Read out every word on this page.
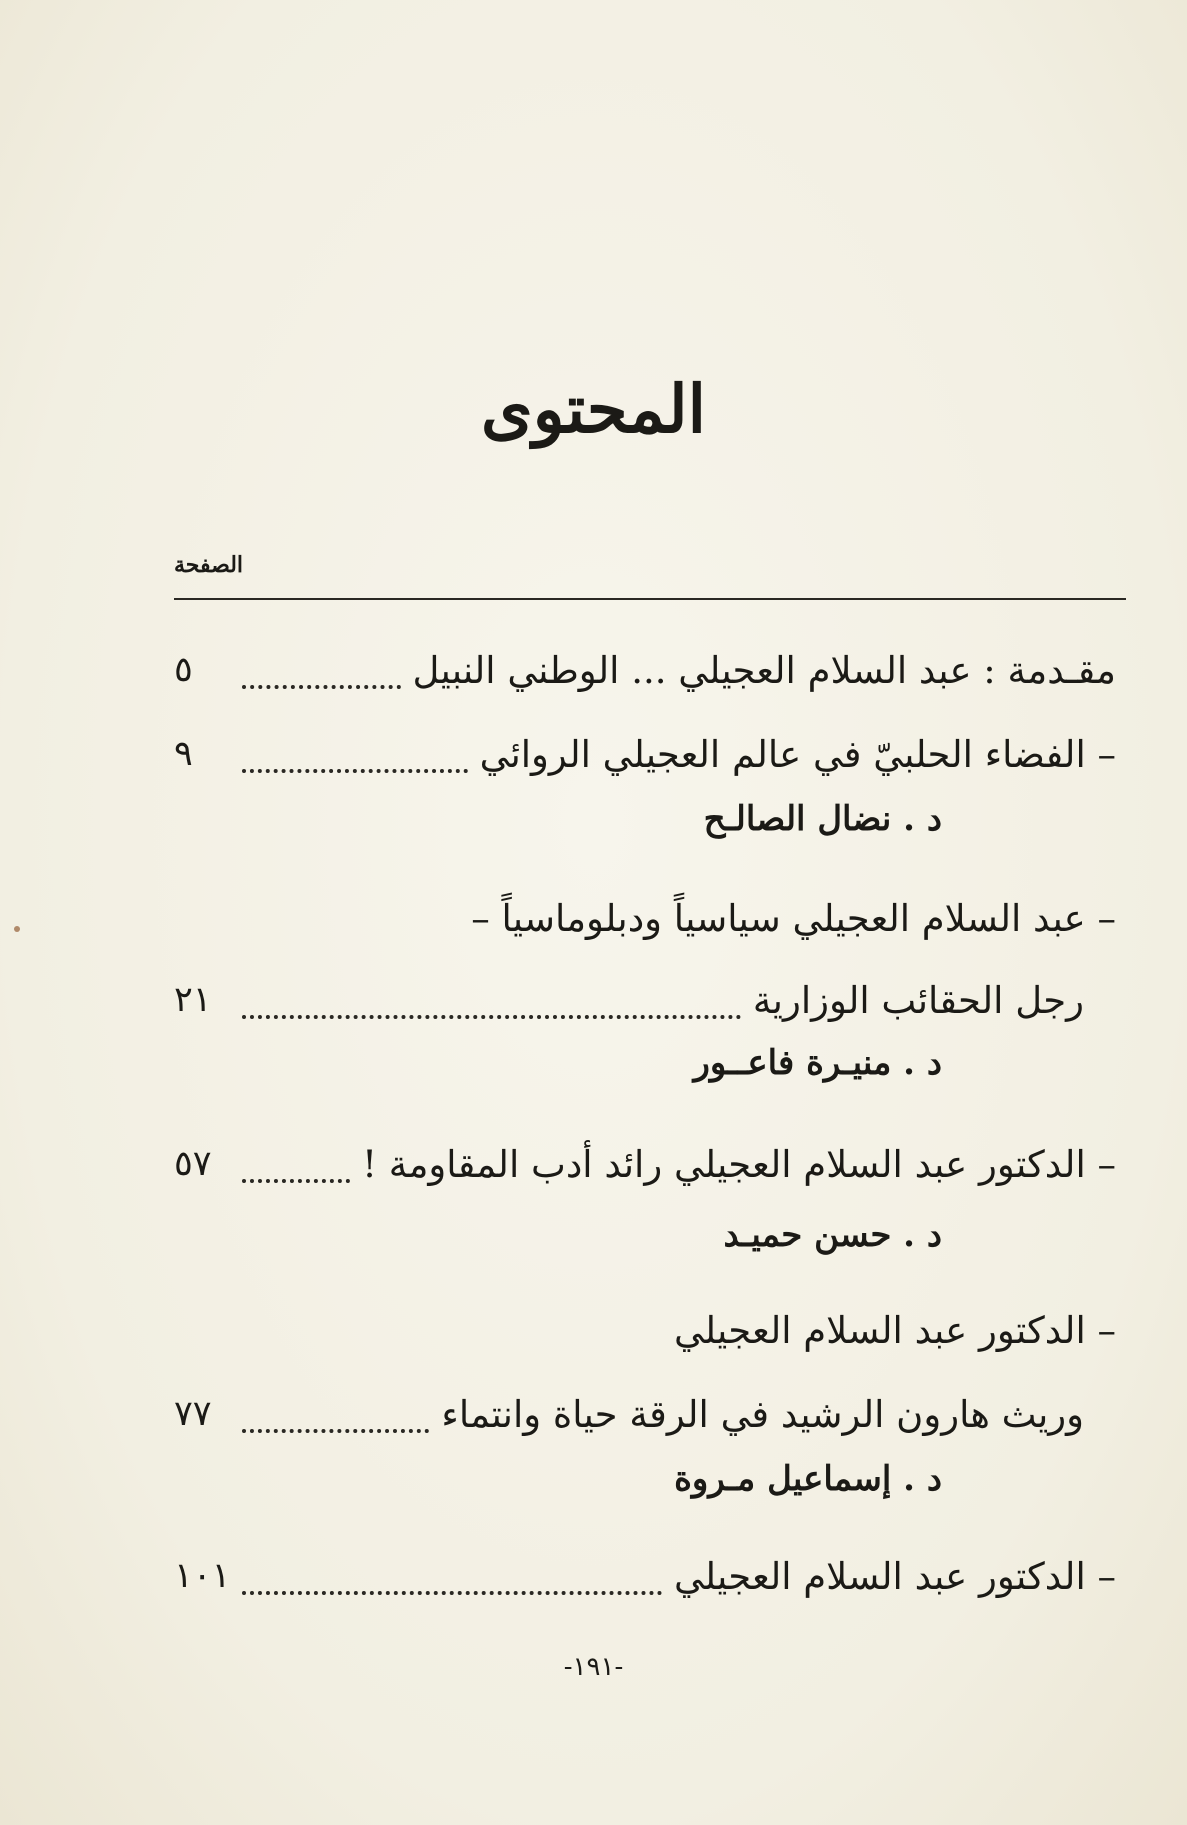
المحتوى
الصفحة
مقـدمة : عبد السلام العجيلي ... الوطني النبيل
٥
– الفضاء الحلبيّ في عالم العجيلي الروائي
٩
د . نضال الصالـح
– عبد السلام العجيلي سياسياً ودبلوماسياً –
رجل الحقائب الوزارية
٢١
د . منيـرة فاعــور
– الدكتور عبد السلام العجيلي رائد أدب المقاومة !
٥٧
د . حسن حميـد
– الدكتور عبد السلام العجيلي
وريث هارون الرشيد في الرقة حياة وانتماء
٧٧
د . إسماعيل مـروة
– الدكتور عبد السلام العجيلي
١٠١
-١٩١-
